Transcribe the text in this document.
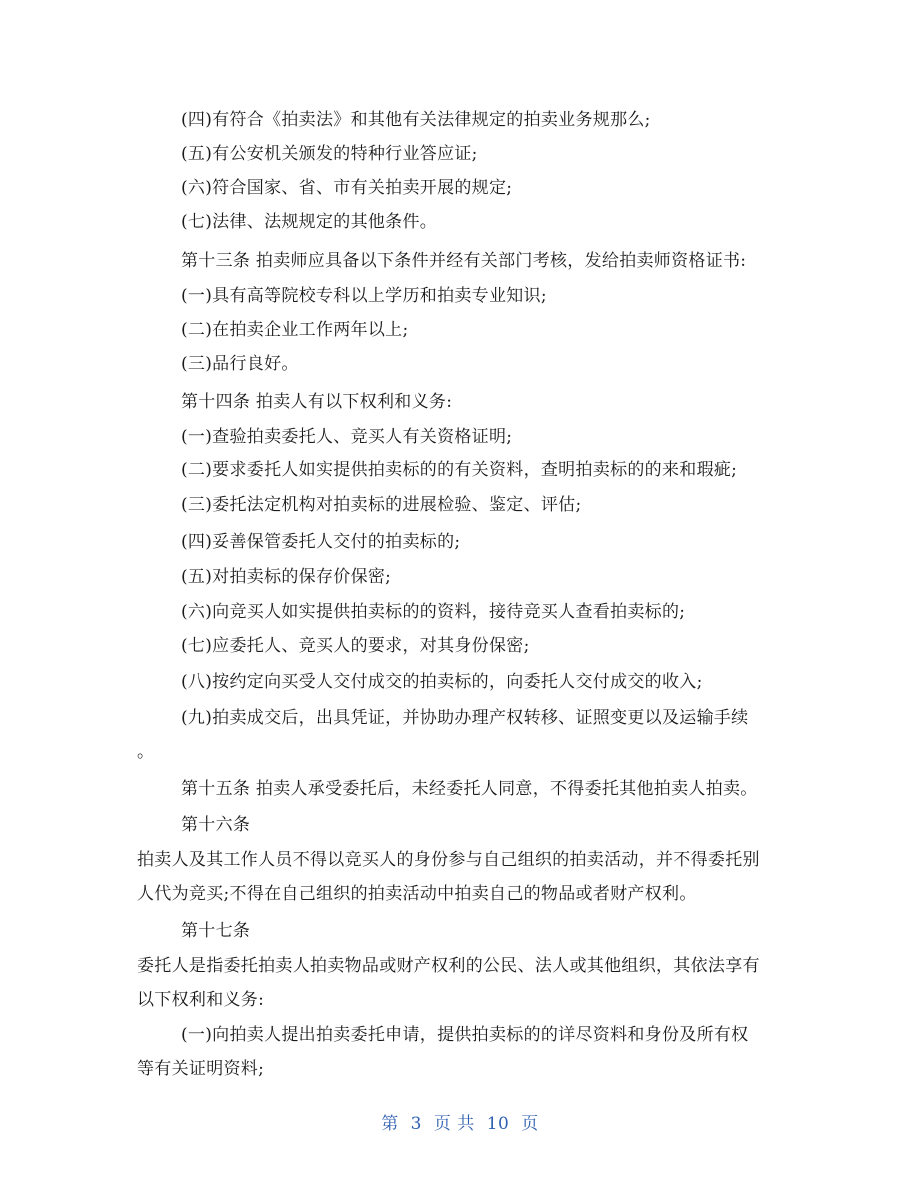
(四)有符合《拍卖法》和其他有关法律规定的拍卖业务规那么;
(五)有公安机关颁发的特种行业答应证;
(六)符合国家、省、市有关拍卖开展的规定;
(七)法律、法规规定的其他条件。
第十三条 拍卖师应具备以下条件并经有关部门考核，发给拍卖师资格证书:
(一)具有高等院校专科以上学历和拍卖专业知识;
(二)在拍卖企业工作两年以上;
(三)品行良好。
第十四条 拍卖人有以下权利和义务:
(一)查验拍卖委托人、竞买人有关资格证明;
(二)要求委托人如实提供拍卖标的的有关资料，查明拍卖标的的来和瑕疵;
(三)委托法定机构对拍卖标的进展检验、鉴定、评估;
(四)妥善保管委托人交付的拍卖标的;
(五)对拍卖标的保存价保密;
(六)向竞买人如实提供拍卖标的的资料，接待竞买人查看拍卖标的;
(七)应委托人、竞买人的要求，对其身份保密;
(八)按约定向买受人交付成交的拍卖标的，向委托人交付成交的收入;
(九)拍卖成交后，出具凭证，并协助办理产权转移、证照变更以及运输手续
。
第十五条 拍卖人承受委托后，未经委托人同意，不得委托其他拍卖人拍卖。
第十六条
拍卖人及其工作人员不得以竞买人的身份参与自己组织的拍卖活动，并不得委托别
人代为竞买;不得在自己组织的拍卖活动中拍卖自己的物品或者财产权利。
第十七条
委托人是指委托拍卖人拍卖物品或财产权利的公民、法人或其他组织，其依法享有
以下权利和义务:
(一)向拍卖人提出拍卖委托申请，提供拍卖标的的详尽资料和身份及所有权
等有关证明资料;
第 3 页 共 10 页
